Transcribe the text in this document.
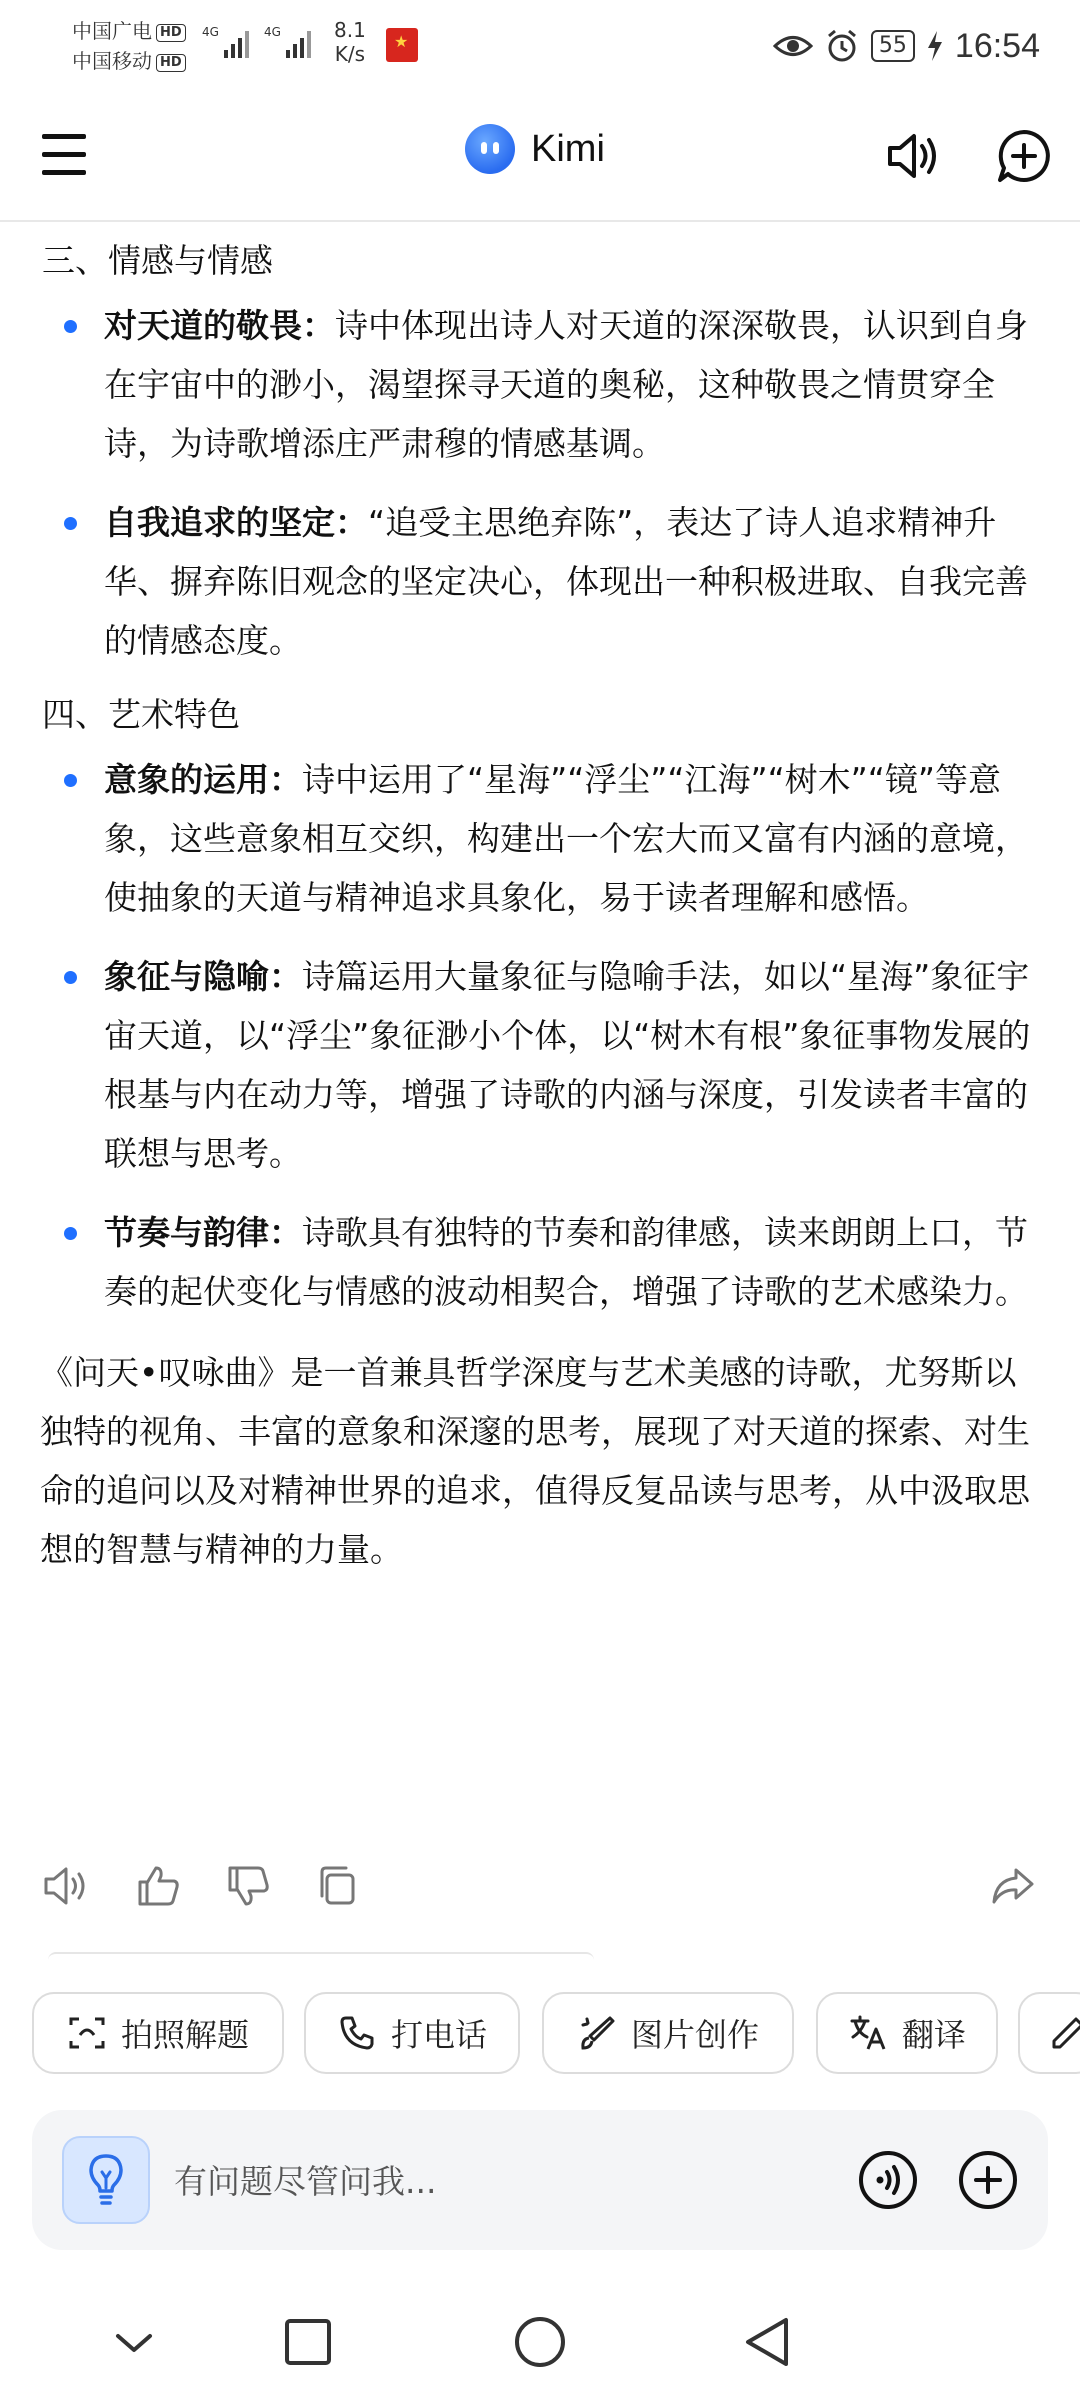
中国广电 HD
中国移动 HD
4G	4G	8.1
K/s
★	55 16:54
Kimi
三、情感与情感
对天道的敬畏：诗中体现出诗人对天道的深深敬畏，认识到自身在宇宙中的渺小，渴望探寻天道的奥秘，这种敬畏之情贯穿全诗，为诗歌增添庄严肃穆的情感基调。
自我追求的坚定：“追受主思绝弃陈”，表达了诗人追求精神升华、摒弃陈旧观念的坚定决心，体现出一种积极进取、自我完善的情感态度。
四、艺术特色
意象的运用：诗中运用了“星海”“浮尘”“江海”“树木”“镜”等意象，这些意象相互交织，构建出一个宏大而又富有内涵的意境，使抽象的天道与精神追求具象化，易于读者理解和感悟。
象征与隐喻：诗篇运用大量象征与隐喻手法，如以“星海”象征宇宙天道，以“浮尘”象征渺小个体，以“树木有根”象征事物发展的根基与内在动力等，增强了诗歌的内涵与深度，引发读者丰富的联想与思考。
节奏与韵律：诗歌具有独特的节奏和韵律感，读来朗朗上口，节奏的起伏变化与情感的波动相契合，增强了诗歌的艺术感染力。
《问天•叹咏曲》是一首兼具哲学深度与艺术美感的诗歌，尤努斯以独特的视角、丰富的意象和深邃的思考，展现了对天道的探索、对生命的追问以及对精神世界的追求，值得反复品读与思考，从中汲取思想的智慧与精神的力量。
拍照解题	打电话	图片创作	翻译
有问题尽管问我...
